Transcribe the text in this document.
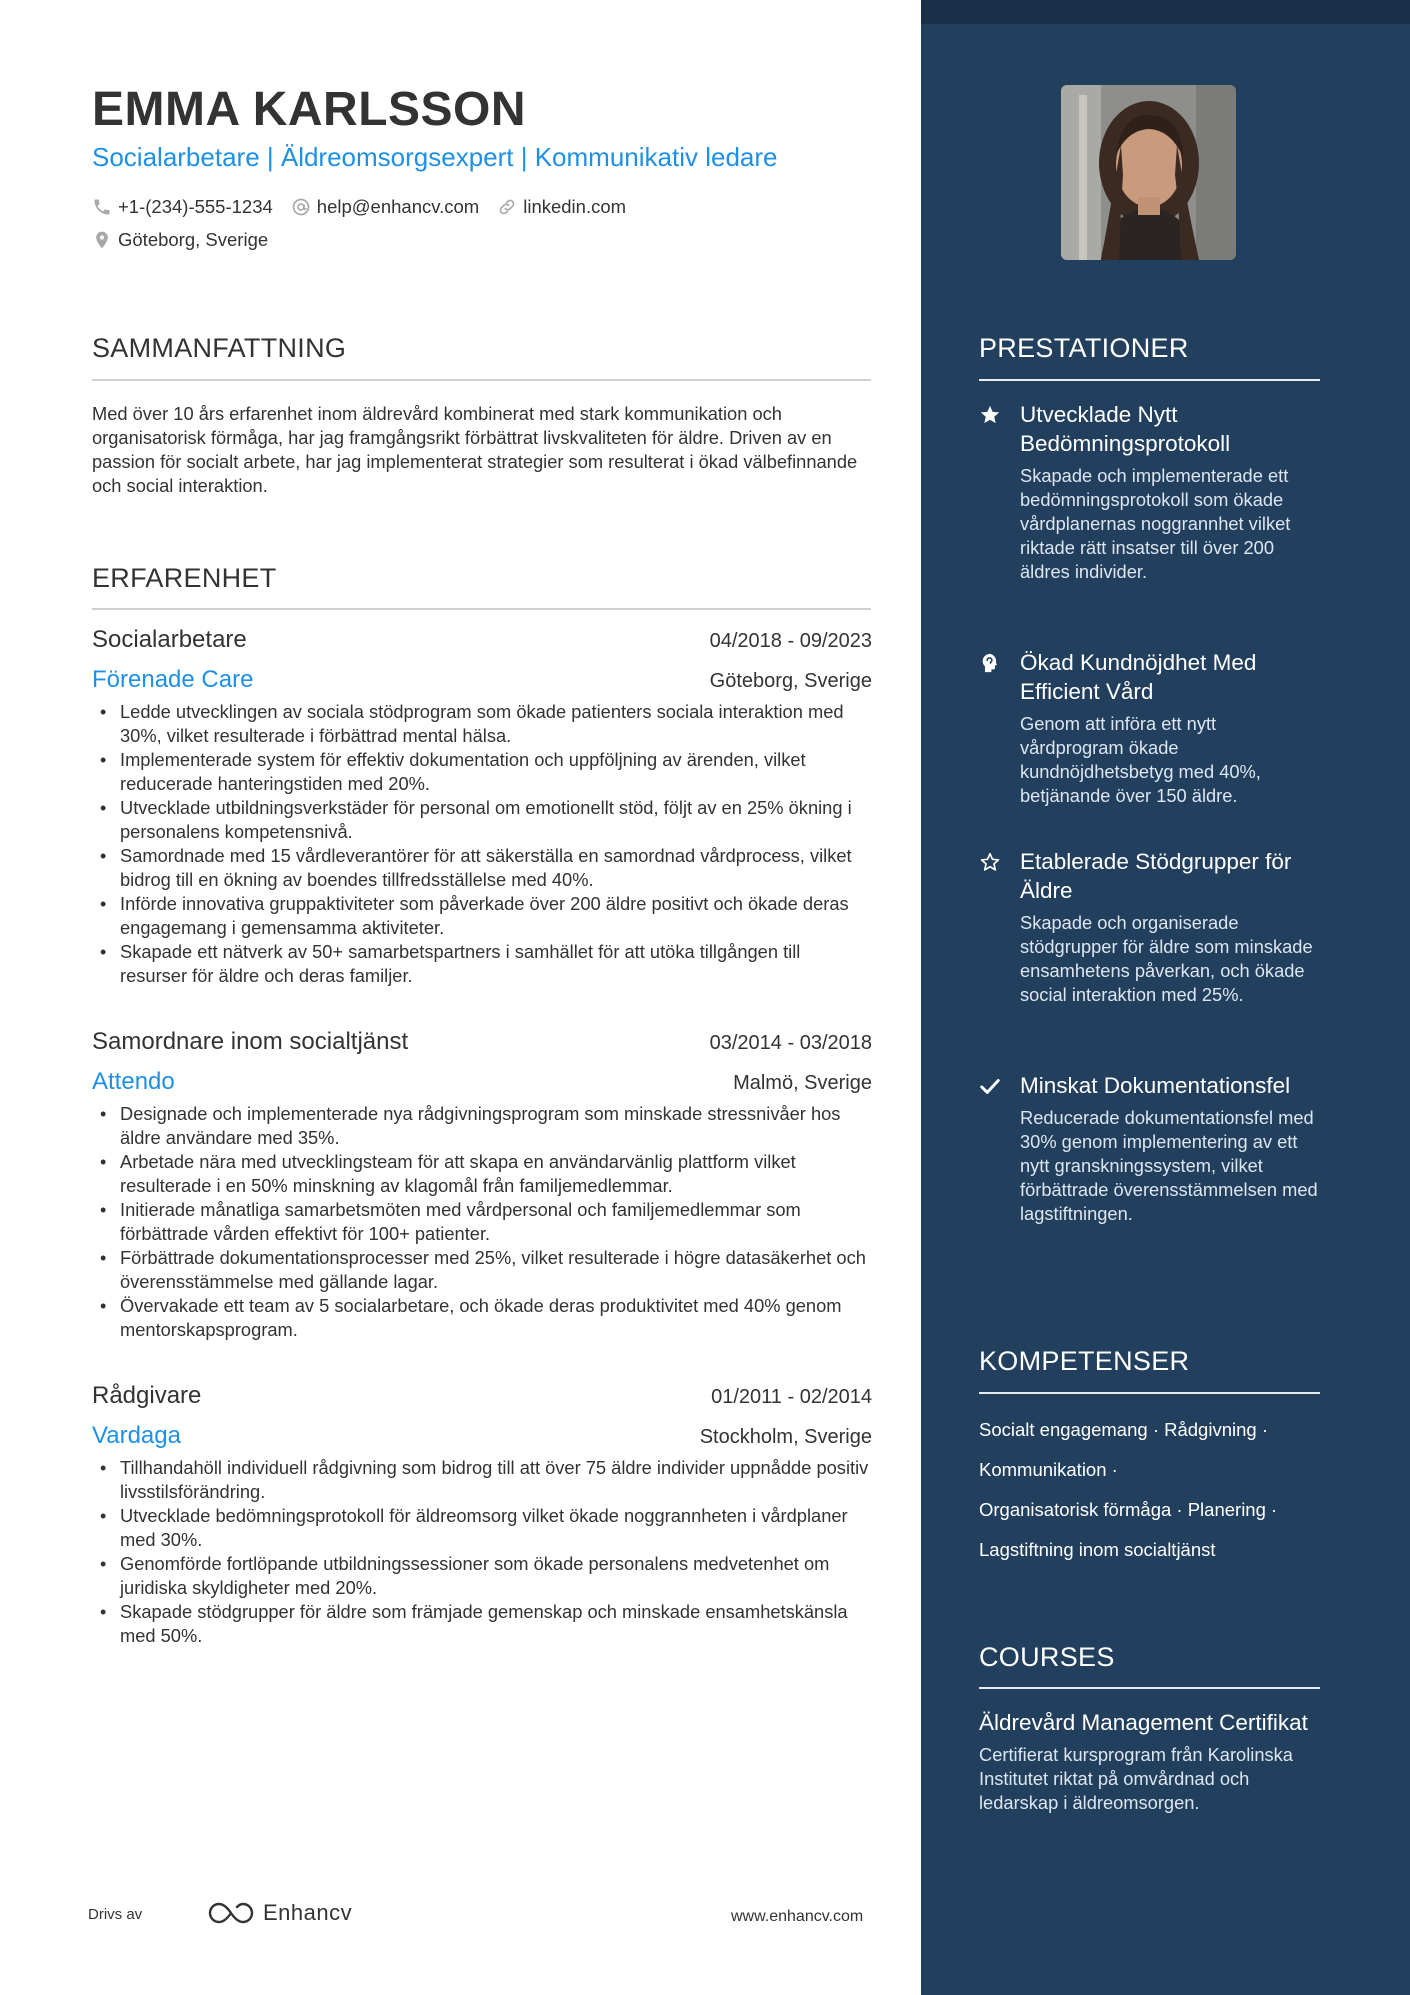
EMMA KARLSSON
Socialarbetare | Äldreomsorgsexpert | Kommunikativ ledare
+1-(234)-555-1234 help@enhancv.com linkedin.com
Göteborg, Sverige
SAMMANFATTNING
Med över 10 års erfarenhet inom äldrevård kombinerat med stark kommunikation och organisatorisk förmåga, har jag framgångsrikt förbättrat livskvaliteten för äldre. Driven av en passion för socialt arbete, har jag implementerat strategier som resulterat i ökad välbefinnande och social interaktion.
ERFARENHET
Socialarbetare	04/2018 - 09/2023
Förenade Care	Göteborg, Sverige
• Ledde utvecklingen av sociala stödprogram som ökade patienters sociala interaktion med 30%, vilket resulterade i förbättrad mental hälsa.
• Implementerade system för effektiv dokumentation och uppföljning av ärenden, vilket reducerade hanteringstiden med 20%.
• Utvecklade utbildningsverkstäder för personal om emotionellt stöd, följt av en 25% ökning i personalens kompetensnivå.
• Samordnade med 15 vårdleverantörer för att säkerställa en samordnad vårdprocess, vilket bidrog till en ökning av boendes tillfredsställelse med 40%.
• Införde innovativa gruppaktiviteter som påverkade över 200 äldre positivt och ökade deras engagemang i gemensamma aktiviteter.
• Skapade ett nätverk av 50+ samarbetspartners i samhället för att utöka tillgången till resurser för äldre och deras familjer.
Samordnare inom socialtjänst	03/2014 - 03/2018
Attendo	Malmö, Sverige
• Designade och implementerade nya rådgivningsprogram som minskade stressnivåer hos äldre användare med 35%.
• Arbetade nära med utvecklingsteam för att skapa en användarvänlig plattform vilket resulterade i en 50% minskning av klagomål från familjemedlemmar.
• Initierade månatliga samarbetsmöten med vårdpersonal och familjemedlemmar som förbättrade vården effektivt för 100+ patienter.
• Förbättrade dokumentationsprocesser med 25%, vilket resulterade i högre datasäkerhet och överensstämmelse med gällande lagar.
• Övervakade ett team av 5 socialarbetare, och ökade deras produktivitet med 40% genom mentorskapsprogram.
Rådgivare	01/2011 - 02/2014
Vardaga	Stockholm, Sverige
• Tillhandahöll individuell rådgivning som bidrog till att över 75 äldre individer uppnådde positiv livsstilsförändring.
• Utvecklade bedömningsprotokoll för äldreomsorg vilket ökade noggrannheten i vårdplaner med 30%.
• Genomförde fortlöpande utbildningssessioner som ökade personalens medvetenhet om juridiska skyldigheter med 20%.
• Skapade stödgrupper för äldre som främjade gemenskap och minskade ensamhetskänsla med 50%.
Drivs av	Enhancv	www.enhancv.com
PRESTATIONER
Utvecklade Nytt Bedömningsprotokoll
Skapade och implementerade ett bedömningsprotokoll som ökade vårdplanernas noggrannhet vilket riktade rätt insatser till över 200 äldres individer.
Ökad Kundnöjdhet Med Efficient Vård
Genom att införa ett nytt vårdprogram ökade kundnöjdhetsbetyg med 40%, betjänande över 150 äldre.
Etablerade Stödgrupper för Äldre
Skapade och organiserade stödgrupper för äldre som minskade ensamhetens påverkan, och ökade social interaktion med 25%.
Minskat Dokumentationsfel
Reducerade dokumentationsfel med 30% genom implementering av ett nytt granskningssystem, vilket förbättrade överensstämmelsen med lagstiftningen.
KOMPETENSER
Socialt engagemang · Rådgivning ·
Kommunikation ·
Organisatorisk förmåga · Planering ·
Lagstiftning inom socialtjänst
COURSES
Äldrevård Management Certifikat
Certifierat kursprogram från Karolinska Institutet riktat på omvårdnad och ledarskap i äldreomsorgen.
